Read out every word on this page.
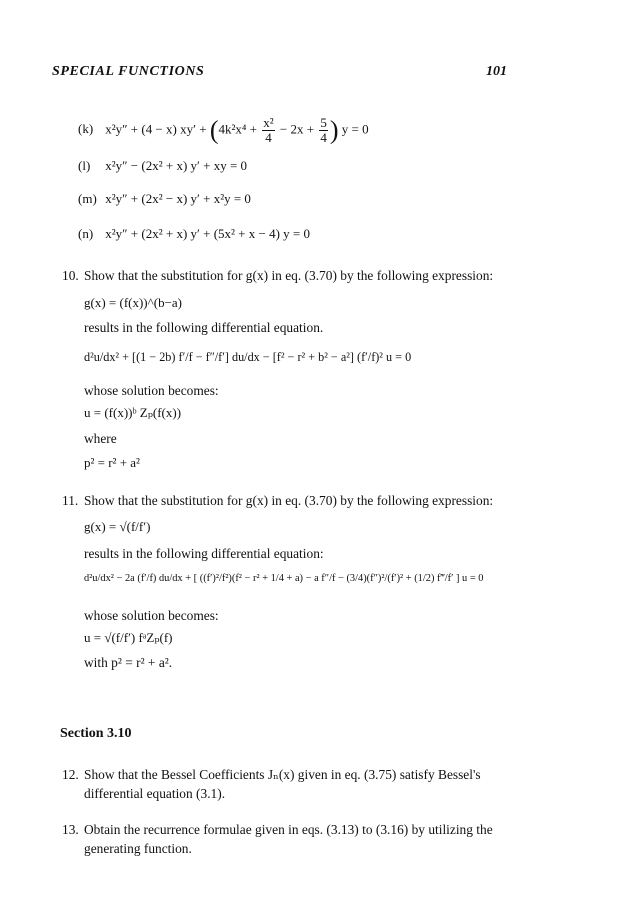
SPECIAL FUNCTIONS	101
(k) x²y″ + (4 − x) $xy' + (4k^2x^4 + \frac{\text{x²}}{4} - 2x + \frac{5}{4}$ ) y = 0
(l) x²y″ − (2x² + x) y′ + xy = 0
(m) x²y″ + (2x² − x) y′ + x²y = 0
(n) x²y″ + (2x² + x) y′ + (5x² + x − 4) y = 0
10. Show that the substitution for g(x) in eq. (3.70) by the following expression:
g(x) = (f(x))^(b−a)
results in the following differential equation.
d²u/dx² + [(1 − 2b) f′/f − f″/f′] du/dx − [f² − r² + b² − a²] (f′/f)² u = 0
whose solution becomes:
u = (f(x))ᵇ Zₚ(f(x))
where
p² = r² + a²
11. Show that the substitution for g(x) in eq. (3.70) by the following expression:
g(x) = √(f/f′)
results in the following differential equation:
d²u/dx² − 2a (f′/f) du/dx + [ ((f′)²/f²)(f² − r² + 1/4 + a) − a f″/f − (3/4)(f″)²/(f′)² + (1/2) f‴/f′ ] u = 0
whose solution becomes:
u = √(f/f′) fᵃZₚ(f)
with p² = r² + a².
Section 3.10
12. Show that the Bessel Coefficients Jₙ(x) given in eq. (3.75) satisfy Bessel's
differential equation (3.1).
13. Obtain the recurrence formulae given in eqs. (3.13) to (3.16) by utilizing the
generating function.
